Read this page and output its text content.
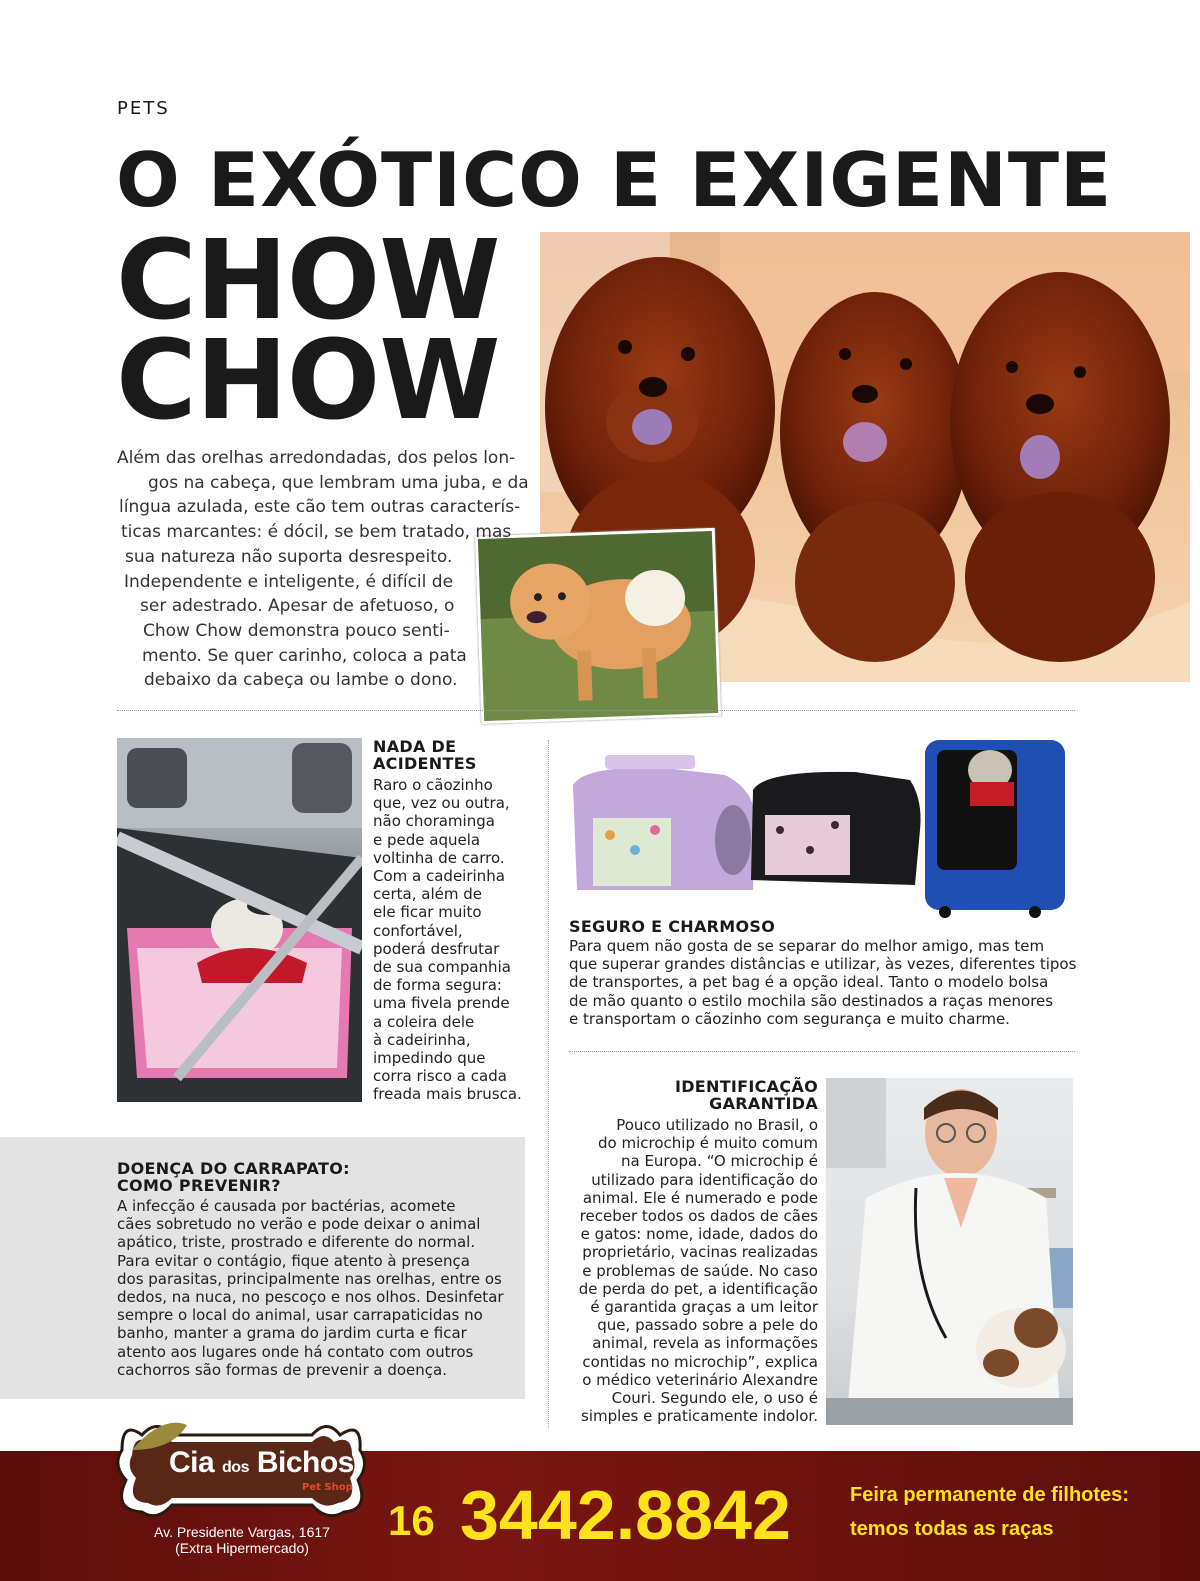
PETS
O EXÓTICO E EXIGENTE
CHOW
CHOW
Além das orelhas arredondadas, dos pelos lon-
gos na cabeça, que lembram uma juba, e da
língua azulada, este cão tem outras caracterís-
ticas marcantes: é dócil, se bem tratado, mas
sua natureza não suporta desrespeito.
Independente e inteligente, é difícil de
ser adestrado. Apesar de afetuoso, o
Chow Chow demonstra pouco senti-
mento. Se quer carinho, coloca a pata
debaixo da cabeça ou lambe o dono.
NADA DE
ACIDENTES
Raro o cãozinho
que, vez ou outra,
não choraminga
e pede aquela
voltinha de carro.
Com a cadeirinha
certa, além de
ele ficar muito
confortável,
poderá desfrutar
de sua companhia
de forma segura:
uma fivela prende
a coleira dele
à cadeirinha,
impedindo que
corra risco a cada
freada mais brusca.
SEGURO E CHARMOSO
Para quem não gosta de se separar do melhor amigo, mas tem
que superar grandes distâncias e utilizar, às vezes, diferentes tipos
de transportes, a pet bag é a opção ideal. Tanto o modelo bolsa
de mão quanto o estilo mochila são destinados a raças menores
e transportam o cãozinho com segurança e muito charme.
DOENÇA DO CARRAPATO:
COMO PREVENIR?
A infecção é causada por bactérias, acomete
cães sobretudo no verão e pode deixar o animal
apático, triste, prostrado e diferente do normal.
Para evitar o contágio, fique atento à presença
dos parasitas, principalmente nas orelhas, entre os
dedos, na nuca, no pescoço e nos olhos. Desinfetar
sempre o local do animal, usar carrapaticidas no
banho, manter a grama do jardim curta e ficar
atento aos lugares onde há contato com outros
cachorros são formas de prevenir a doença.
IDENTIFICAÇÃO
GARANTIDA
Pouco utilizado no Brasil, o
do microchip é muito comum
na Europa. “O microchip é
utilizado para identificação do
animal. Ele é numerado e pode
receber todos os dados de cães
e gatos: nome, idade, dados do
proprietário, vacinas realizadas
e problemas de saúde. No caso
de perda do pet, a identificação
é garantida graças a um leitor
que, passado sobre a pele do
animal, revela as informações
contidas no microchip”, explica
o médico veterinário Alexandre
Couri. Segundo ele, o uso é
simples e praticamente indolor.
Cia dos Bichos
Pet Shop
Av. Presidente Vargas, 1617
(Extra Hipermercado)
16 3442.8842	Feira permanente de filhotes:
temos todas as raças
